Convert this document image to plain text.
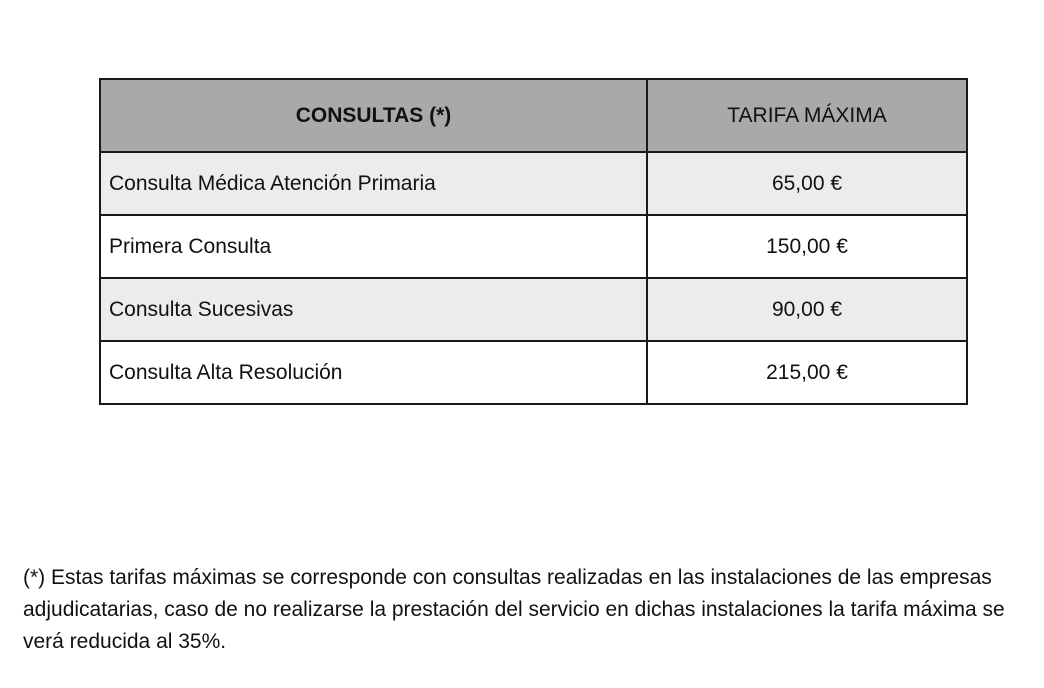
CONSULTAS (*)	TARIFA MÁXIMA
Consulta Médica Atención Primaria	65,00 €
Primera Consulta	150,00 €
Consulta Sucesivas	90,00 €
Consulta Alta Resolución	215,00 €

(*) Estas tarifas máximas se corresponde con consultas realizadas en las instalaciones de las empresas adjudicatarias, caso de no realizarse la prestación del servicio en dichas instalaciones la tarifa máxima se verá reducida al 35%.
